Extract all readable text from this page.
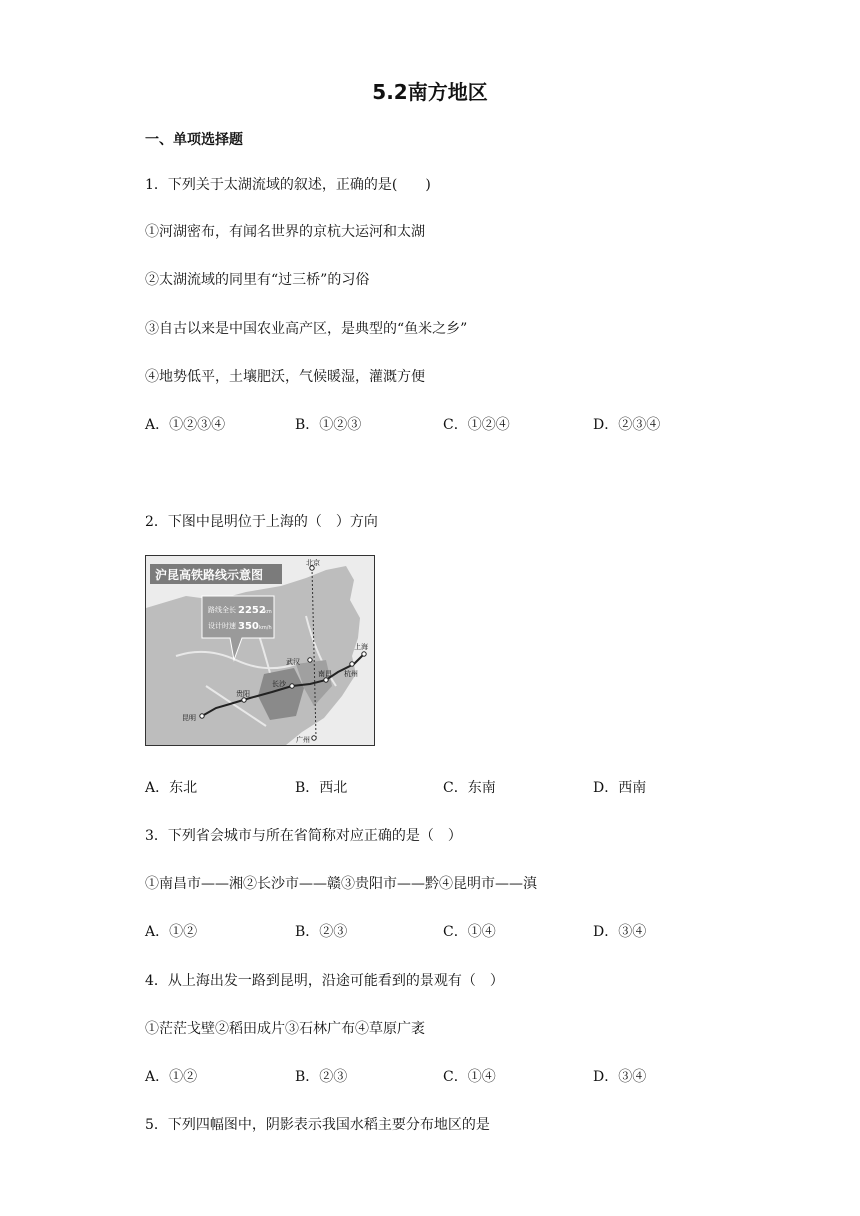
5.2南方地区
一、单项选择题
1．下列关于太湖流域的叙述，正确的是(　　)
①河湖密布，有闻名世界的京杭大运河和太湖
②太湖流域的同里有“过三桥”的习俗
③自古以来是中国农业高产区，是典型的“鱼米之乡”
④地势低平，土壤肥沃，气候暖湿，灌溉方便
A．①②③④	B．①②③	C．①②④	D．②③④
2．下图中昆明位于上海的（　）方向
沪昆高铁路线示意图
路线全长 2252
km
设计时速 350 km/h
北京
上海
杭州
武汉
南昌
长沙
贵阳
昆明
广州
A．东北	B．西北	C．东南	D．西南
3．下列省会城市与所在省简称对应正确的是（　）
①南昌市——湘②长沙市——赣③贵阳市——黔④昆明市——滇
A．①②	B．②③	C．①④	D．③④
4．从上海出发一路到昆明，沿途可能看到的景观有（　）
①茫茫戈壁②稻田成片③石林广布④草原广袤
A．①②	B．②③	C．①④	D．③④
5．下列四幅图中，阴影表示我国水稻主要分布地区的是
